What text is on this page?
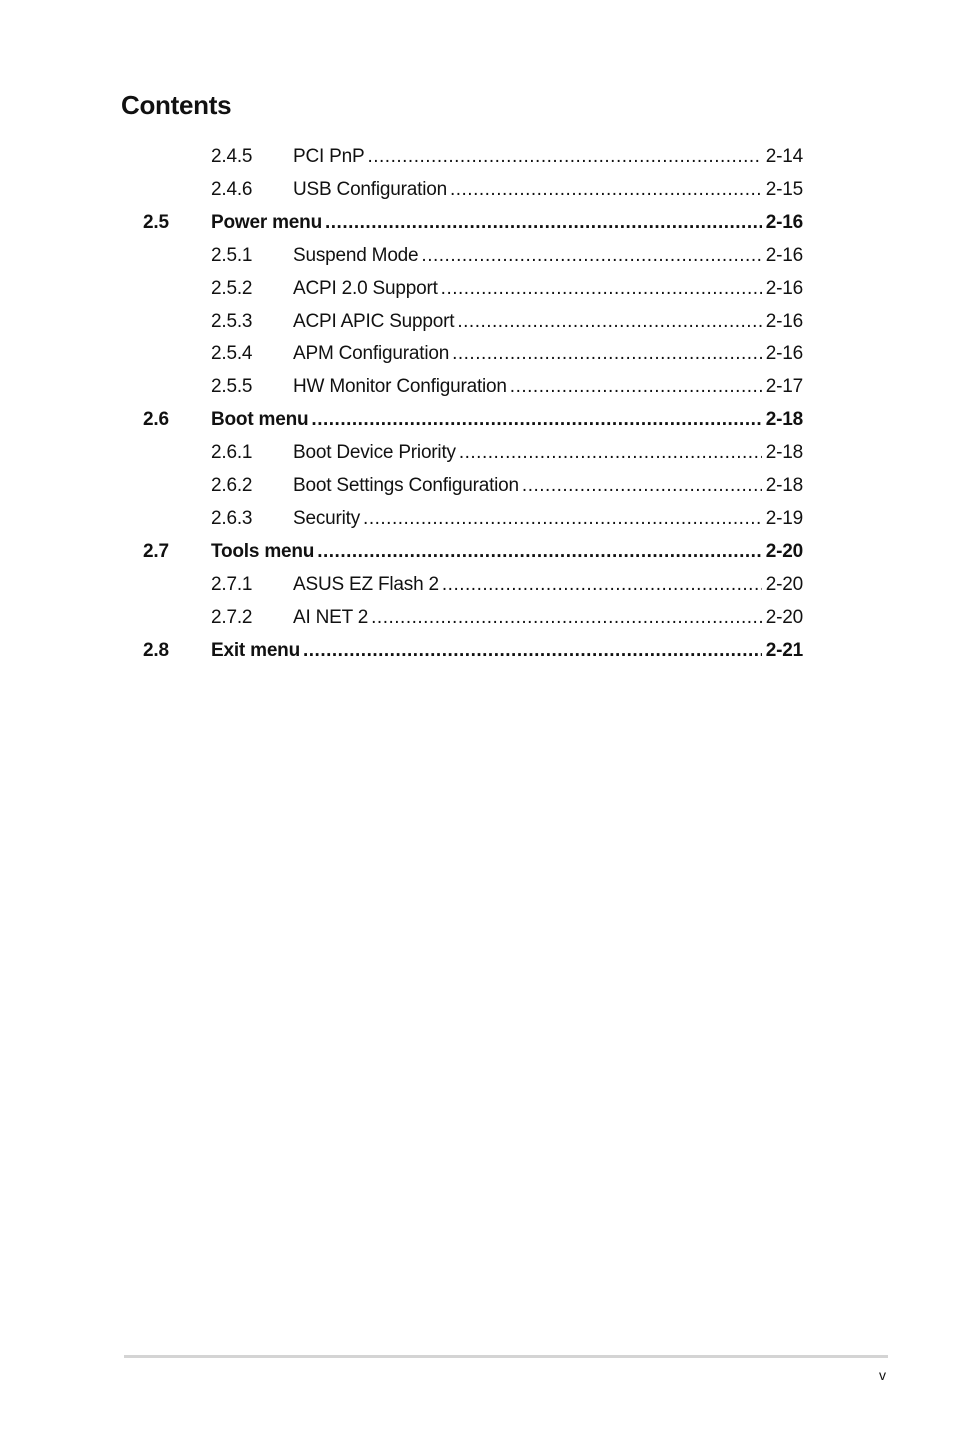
Contents
2.4.5 PCI PnP .....	2-14
2.4.6 USB Configuration .....	2-15
2.5 Power menu .....	2-16
2.5.1 Suspend Mode .....	2-16
2.5.2 ACPI 2.0 Support .....	2-16
2.5.3 ACPI APIC Support .....	2-16
2.5.4 APM Configuration .....	2-16
2.5.5 HW Monitor Configuration .....	2-17
2.6 Boot menu .....	2-18
2.6.1 Boot Device Priority .....	2-18
2.6.2 Boot Settings Configuration .....	2-18
2.6.3 Security .....	2-19
2.7 Tools menu .....	2-20
2.7.1 ASUS EZ Flash 2 .....	2-20
2.7.2 AI NET 2 .....	2-20
2.8 Exit menu .....	2-21
v
